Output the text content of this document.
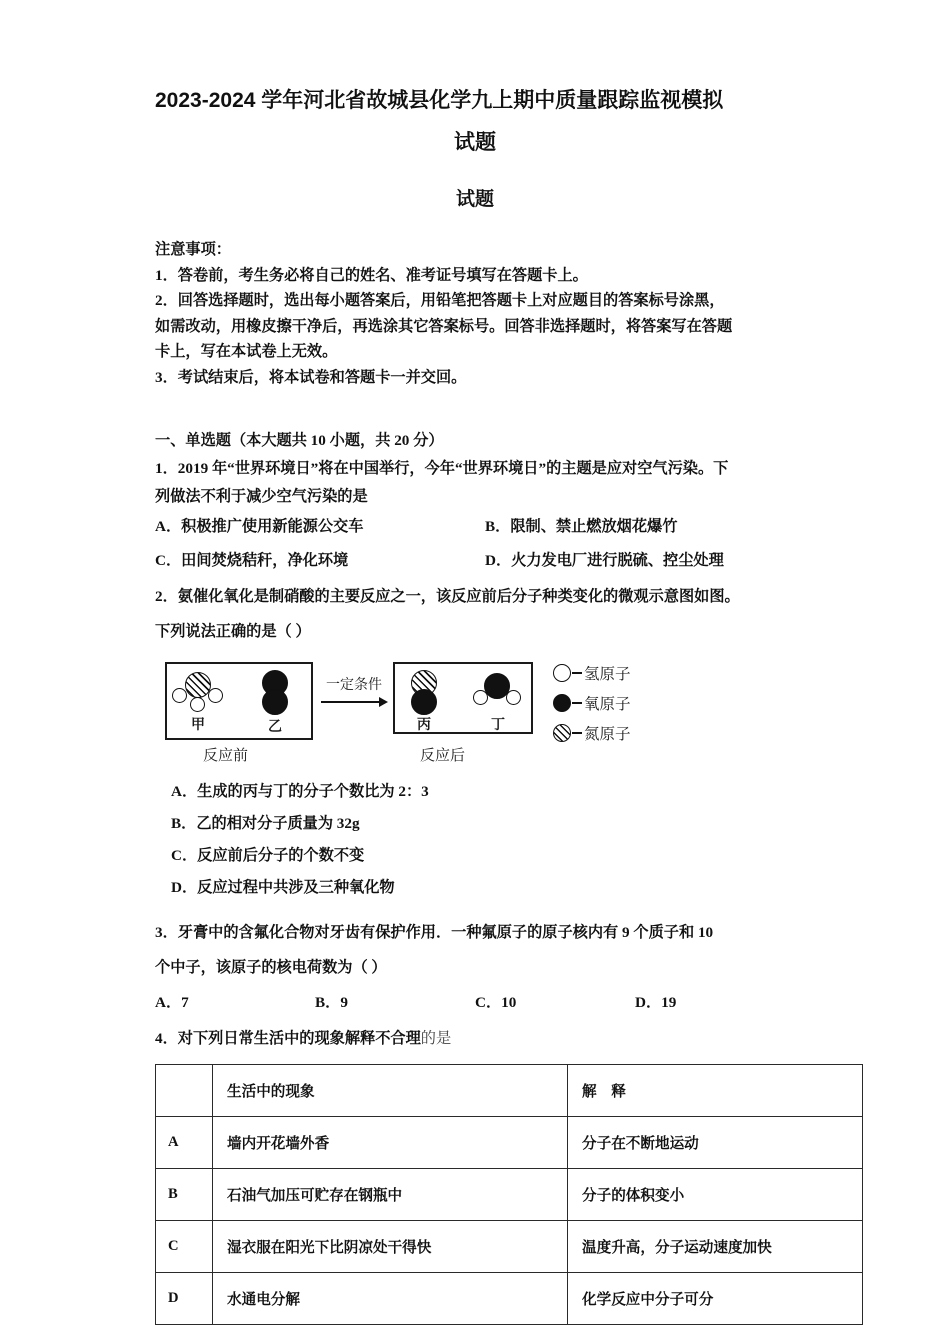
2023-2024 学年河北省故城县化学九上期中质量跟踪监视模拟
试题
试题

注意事项：

1．答卷前，考生务必将自己的姓名、准考证号填写在答题卡上。

2．回答选择题时，选出每小题答案后，用铅笔把答题卡上对应题目的答案标号涂黑，

如需改动，用橡皮擦干净后，再选涂其它答案标号。回答非选择题时，将答案写在答题

卡上，写在本试卷上无效。

3．考试结束后，将本试卷和答题卡一并交回。

一、单选题（本大题共 10 小题，共 20 分）
1．2019 年“世界环境日”将在中国举行，今年“世界环境日”的主题是应对空气污染。下
列做法不利于减少空气污染的是
A．积极推广使用新能源公交车	B．限制、禁止燃放烟花爆竹
C．田间焚烧秸秆，净化环境	D．火力发电厂进行脱硫、控尘处理
2．氨催化氧化是制硝酸的主要反应之一，该反应前后分子种类变化的微观示意图如图。
下列说法正确的是（ ）
甲	乙
一定条件
丙	丁
反应前	反应后
氢原子
氧原子
氮原子
A．生成的丙与丁的分子个数比为 2：3
B．乙的相对分子质量为 32g
C．反应前后分子的个数不变
D．反应过程中共涉及三种氧化物
3．牙膏中的含氟化合物对牙齿有保护作用．一种氟原子的原子核内有 9 个质子和 10
个中子，该原子的核电荷数为（ ）
A．7	B．9	C．10	D．19
4．对下列日常生活中的现象解释不合理的是
	生活中的现象	解　释
A	墙内开花墙外香	分子在不断地运动
B	石油气加压可贮存在钢瓶中	分子的体积变小
C	湿衣服在阳光下比阴凉处干得快	温度升高，分子运动速度加快
D	水通电分解	化学反应中分子可分
